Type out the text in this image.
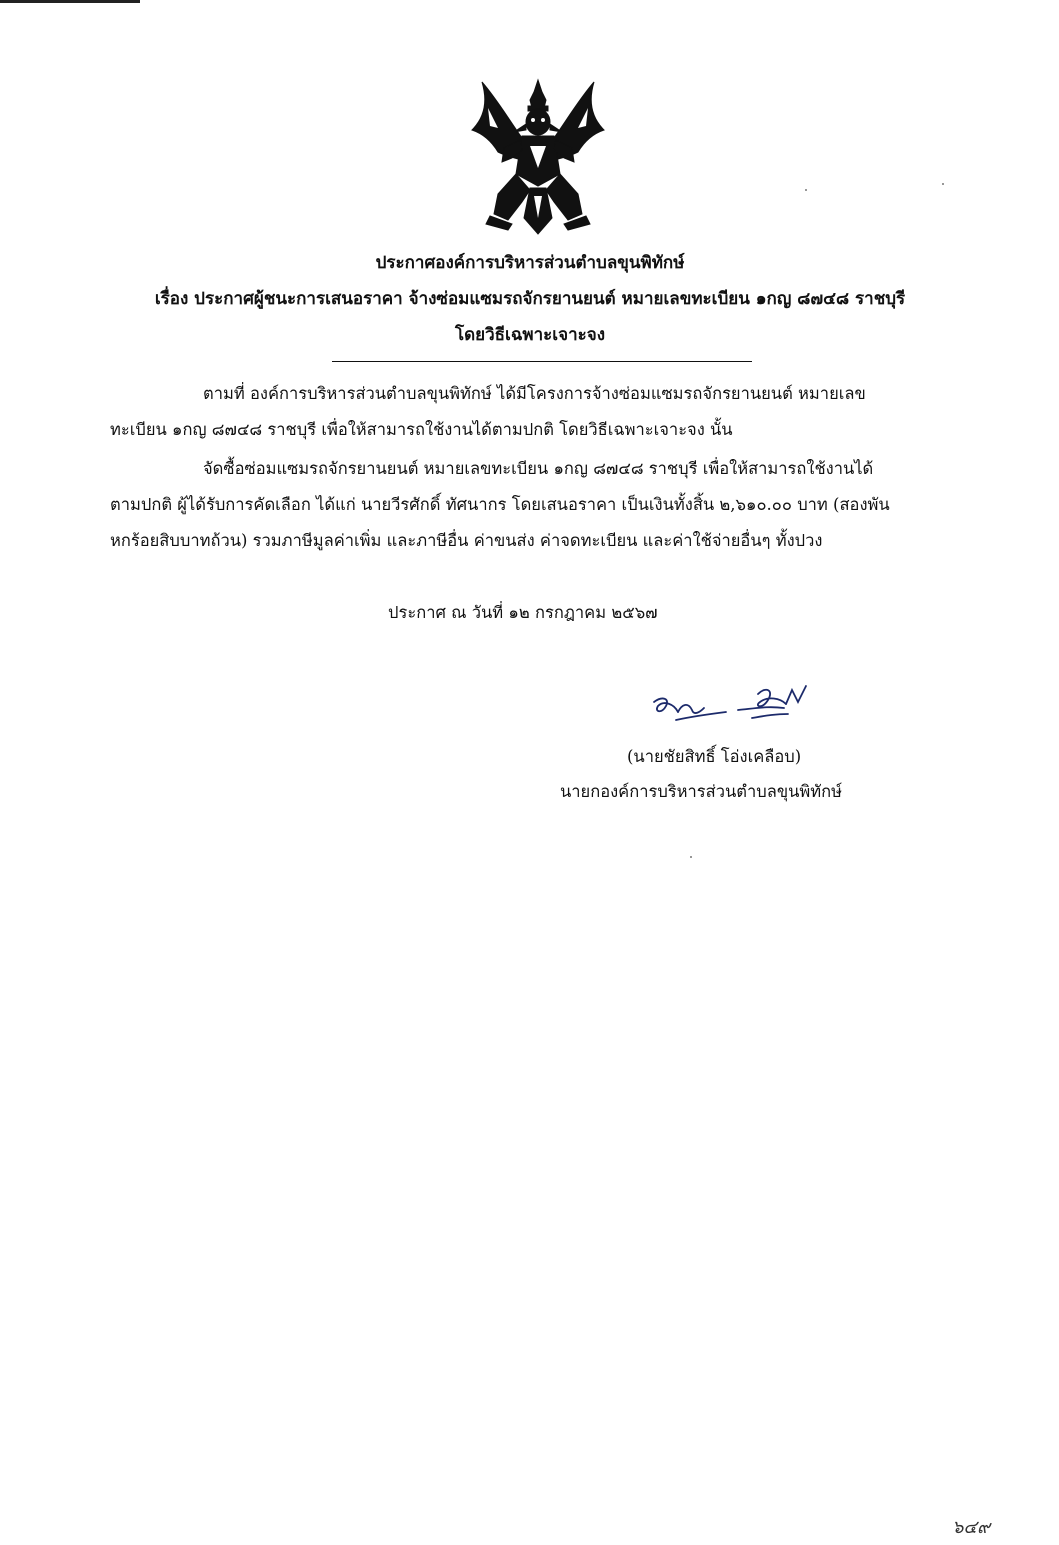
ประกาศองค์การบริหารส่วนตำบลขุนพิทักษ์
เรื่อง ประกาศผู้ชนะการเสนอราคา จ้างซ่อมแซมรถจักรยานยนต์ หมายเลขทะเบียน ๑กญ ๘๗๔๘ ราชบุรี
โดยวิธีเฉพาะเจาะจง
ตามที่ องค์การบริหารส่วนตำบลขุนพิทักษ์ ได้มีโครงการจ้างซ่อมแซมรถจักรยานยนต์ หมายเลข
ทะเบียน ๑กญ ๘๗๔๘ ราชบุรี เพื่อให้สามารถใช้งานได้ตามปกติ โดยวิธีเฉพาะเจาะจง นั้น
จัดซื้อซ่อมแซมรถจักรยานยนต์ หมายเลขทะเบียน ๑กญ ๘๗๔๘ ราชบุรี เพื่อให้สามารถใช้งานได้
ตามปกติ ผู้ได้รับการคัดเลือก ได้แก่ นายวีรศักดิ์ ทัศนากร โดยเสนอราคา เป็นเงินทั้งสิ้น ๒,๖๑๐.๐๐ บาท (สองพัน
หกร้อยสิบบาทถ้วน) รวมภาษีมูลค่าเพิ่ม และภาษีอื่น ค่าขนส่ง ค่าจดทะเบียน และค่าใช้จ่ายอื่นๆ ทั้งปวง
ประกาศ ณ วันที่ ๑๒ กรกฎาคม ๒๕๖๗
(นายชัยสิทธิ์ โอ่งเคลือบ)
นายกองค์การบริหารส่วนตำบลขุนพิทักษ์
๖๔๙
